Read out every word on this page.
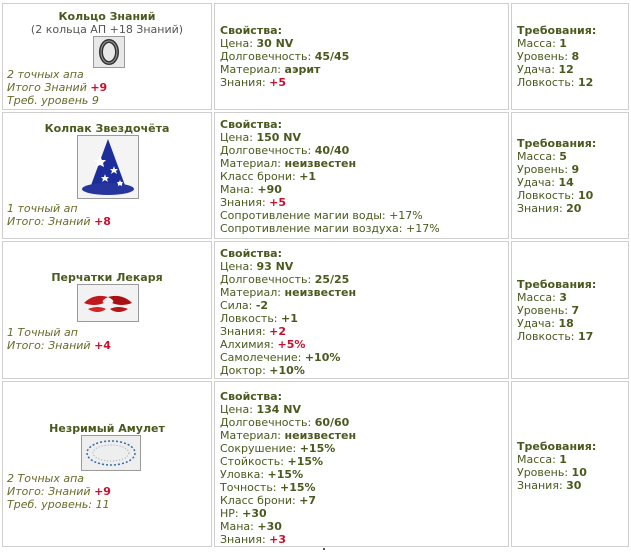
Кольцо Знаний
(2 кольца АП +18 Знаний)
2 точных апа
Итого Знаний +9
Треб. уровень 9
Свойства:
Цена: 30 NV
Долговечность: 45/45
Материал: аэрит
Знания: +5
Требования:
Масса: 1
Уровень: 8
Удача: 12
Ловкость: 12
Колпак Звездочёта
1 точный ап
Итого: Знаний +8
Свойства:
Цена: 150 NV
Долговечность: 40/40
Материал: неизвестен
Класс брони: +1
Мана: +90
Знания: +5
Сопротивление магии воды: +17%
Сопротивление магии воздуха: +17%
Требования:
Масса: 5
Уровень: 9
Удача: 14
Ловкость: 10
Знания: 20
Перчатки Лекаря
1 Точный ап
Итого: Знаний +4
Свойства:
Цена: 93 NV
Долговечность: 25/25
Материал: неизвестен
Сила: -2
Ловкость: +1
Знания: +2
Алхимия: +5%
Самолечение: +10%
Доктор: +10%
Требования:
Масса: 3
Уровень: 7
Удача: 18
Ловкость: 17
Незримый Амулет
2 Точных апа
Итого: Знаний +9
Треб. уровень: 11
Свойства:
Цена: 134 NV
Долговечность: 60/60
Материал: неизвестен
Сокрушение: +15%
Стойкость: +15%
Уловка: +15%
Точность: +15%
Класс брони: +7
HP: +30
Мана: +30
Знания: +3
Требования:
Масса: 1
Уровень: 10
Знания: 30
